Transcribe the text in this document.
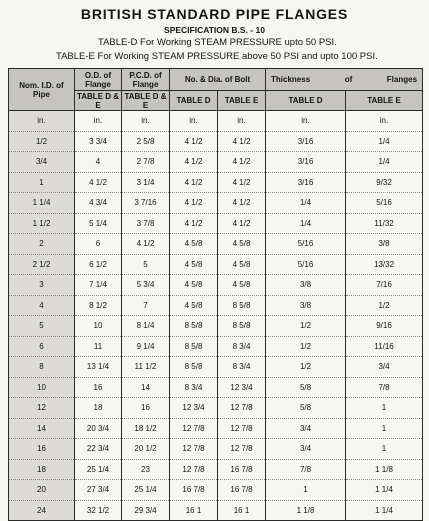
BRITISH STANDARD PIPE FLANGES
SPECIFICATION B.S. - 10
TABLE-D For Working STEAM PRESSURE upto 50 PSI.
TABLE-E For Working STEAM PRESSURE above 50 PSI and upto 100 PSI.
Nom. I.D. of Pipe	O.D. of Flange	P.C.D. of Flange	No. & Dia. of Bolt		Thickness of Flanges	

	TABLE D & E	TABLE D & E	TABLE D	TABLE E	TABLE D	TABLE E
in.	in.	in.	in.	in.	in.	in.
1/2	3 3/4	2 5/8	4 1/2	4 1/2	3/16	1/4
3/4	4	2 7/8	4 1/2	4 1/2	3/16	1/4
1	4 1/2	3 1/4	4 1/2	4 1/2	3/16	9/32
1 1/4	4 3/4	3 7/16	4 1/2	4 1/2	1/4	5/16
1 1/2	5 1/4	3 7/8	4 1/2	4 1/2	1/4	11/32
2	6	4 1/2	4 5/8	4 5/8	5/16	3/8
2 1/2	6 1/2	5	4 5/8	4 5/8	5/16	13/32
3	7 1/4	5 3/4	4 5/8	4 5/8	3/8	7/16
4	8 1/2	7	4 5/8	8 5/8	3/8	1/2
5	10	8 1/4	8 5/8	8 5/8	1/2	9/16
6	11	9 1/4	8 5/8	8 3/4	1/2	11/16
8	13 1/4	11 1/2	8 5/8	8 3/4	1/2	3/4
10	16	14	8 3/4	12 3/4	5/8	7/8
12	18	16	12 3/4	12 7/8	5/8	1
14	20 3/4	18 1/2	12 7/8	12 7/8	3/4	1
16	22 3/4	20 1/2	12 7/8	12 7/8	3/4	1
18	25 1/4	23	12 7/8	16 7/8	7/8	1 1/8
20	27 3/4	25 1/4	16 7/8	16 7/8	1	1 1/4
24	32 1/2	29 3/4	16 1	16 1	1 1/8	1 1/4
